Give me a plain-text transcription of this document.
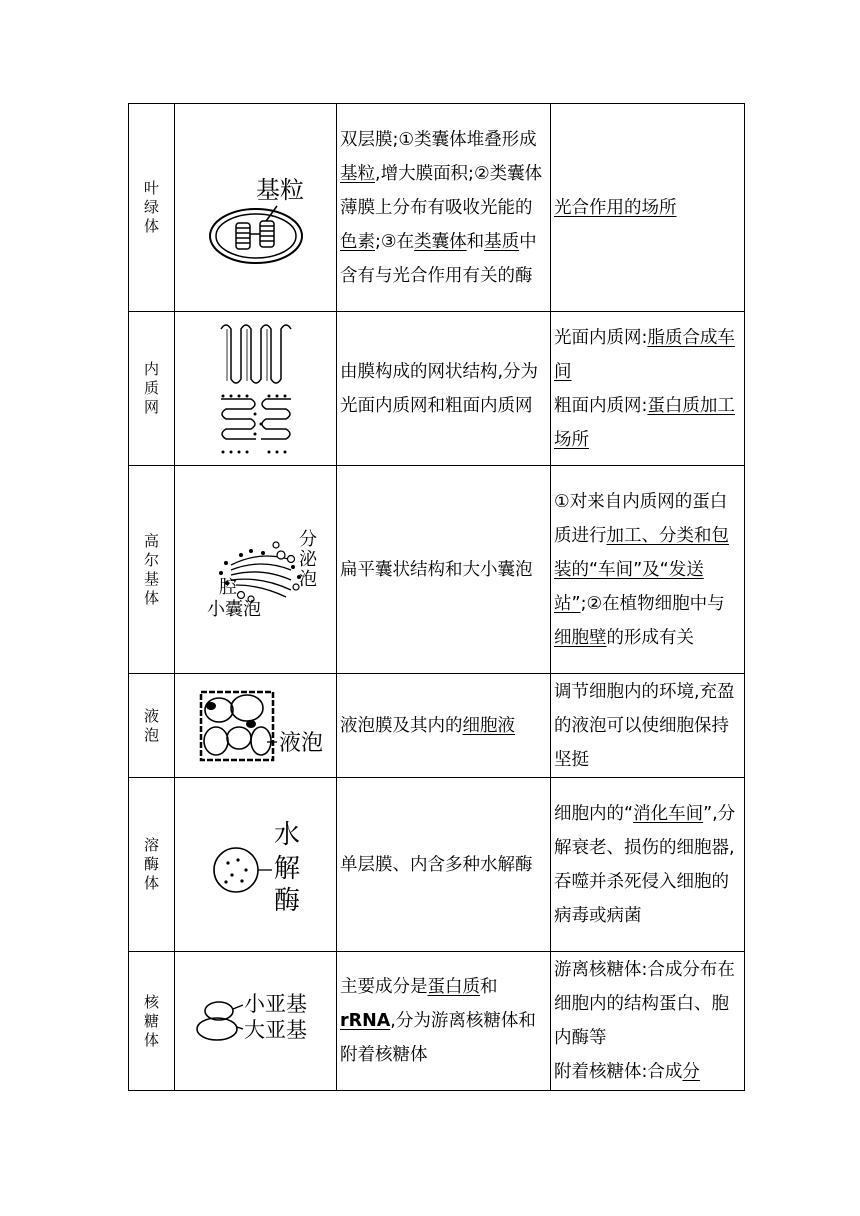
叶
绿
体	基粒	双层膜;①类囊体堆叠形成基粒,增大膜面积;②类囊体薄膜上分布有吸收光能的色素;③在类囊体和基质中含有与光合作用有关的酶	光合作用的场所

内
质
网		由膜构成的网状结构,分为光面内质网和粗面内质网	光面内质网:脂质合成车间
粗面内质网:蛋白质加工场所

高
尔
基
体	分
泌
泡
腔
小囊泡	扁平囊状结构和大小囊泡	①对来自内质网的蛋白质进行加工、分类和包装的“车间”及“发送站”;②在植物细胞中与细胞壁的形成有关

液
泡	液泡	液泡膜及其内的细胞液	调节细胞内的环境,充盈的液泡可以使细胞保持坚挺

溶
酶
体	水
解
酶	单层膜、内含多种水解酶	细胞内的“消化车间”,分解衰老、损伤的细胞器,吞噬并杀死侵入细胞的病毒或病菌

核
糖
体	小亚基
大亚基	主要成分是蛋白质和rRNA,分为游离核糖体和附着核糖体	游离核糖体:合成分布在细胞内的结构蛋白、胞内酶等
附着核糖体:合成分
